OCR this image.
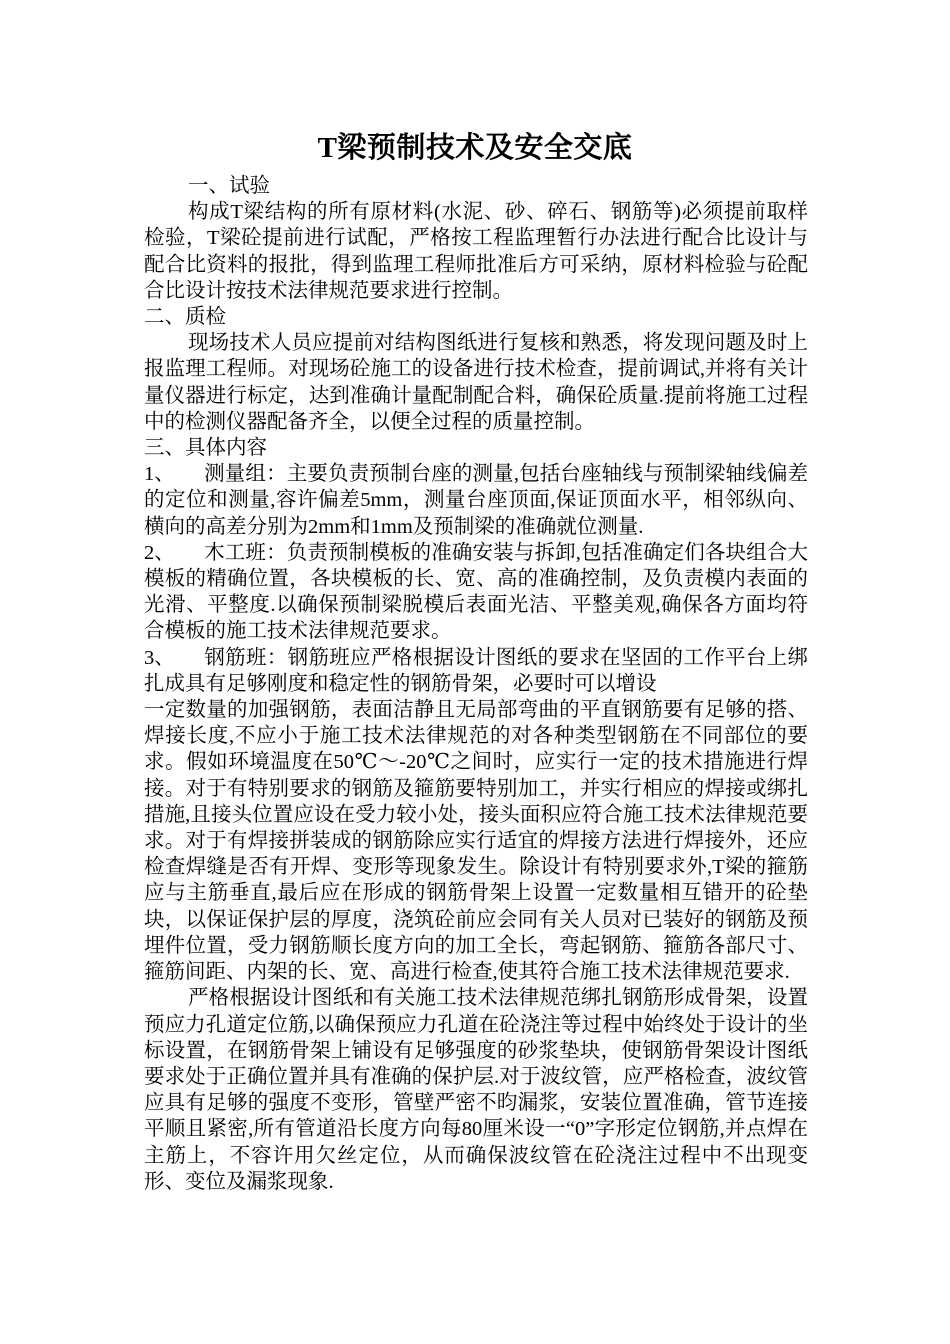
T梁预制技术及安全交底

一、试验

构成T梁结构的所有原材料(水泥、砂、碎石、钢筋等)必须提前取样检验，T梁砼提前进行试配，严格按工程监理暂行办法进行配合比设计与配合比资料的报批，得到监理工程师批准后方可采纳，原材料检验与砼配合比设计按技术法律规范要求进行控制。

二、质检

现场技术人员应提前对结构图纸进行复核和熟悉，将发现问题及时上报监理工程师。对现场砼施工的设备进行技术检查，提前调试,并将有关计量仪器进行标定，达到准确计量配制配合料，确保砼质量.提前将施工过程中的检测仪器配备齐全，以便全过程的质量控制。

三、具体内容

1、 测量组：主要负责预制台座的测量,包括台座轴线与预制梁轴线偏差的定位和测量,容许偏差5mm，测量台座顶面,保证顶面水平，相邻纵向、横向的高差分别为2mm和1mm及预制梁的准确就位测量.

2、 木工班：负责预制模板的准确安装与拆卸,包括准确定们各块组合大模板的精确位置，各块模板的长、宽、高的准确控制，及负责模内表面的光滑、平整度.以确保预制梁脱模后表面光洁、平整美观,确保各方面均符合模板的施工技术法律规范要求。

3、 钢筋班：钢筋班应严格根据设计图纸的要求在坚固的工作平台上绑扎成具有足够刚度和稳定性的钢筋骨架，必要时可以增设

一定数量的加强钢筋，表面洁静且无局部弯曲的平直钢筋要有足够的搭、焊接长度,不应小于施工技术法律规范的对各种类型钢筋在不同部位的要求。假如环境温度在50℃～-20℃之间时，应实行一定的技术措施进行焊接。对于有特别要求的钢筋及箍筋要特别加工，并实行相应的焊接或绑扎措施,且接头位置应设在受力较小处，接头面积应符合施工技术法律规范要求。对于有焊接拼装成的钢筋除应实行适宜的焊接方法进行焊接外，还应检查焊缝是否有开焊、变形等现象发生。除设计有特别要求外,T梁的箍筋应与主筋垂直,最后应在形成的钢筋骨架上设置一定数量相互错开的砼垫块，以保证保护层的厚度，浇筑砼前应会同有关人员对已装好的钢筋及预埋件位置，受力钢筋顺长度方向的加工全长，弯起钢筋、箍筋各部尺寸、箍筋间距、内架的长、宽、高进行检查,使其符合施工技术法律规范要求.

严格根据设计图纸和有关施工技术法律规范绑扎钢筋形成骨架，设置预应力孔道定位筋,以确保预应力孔道在砼浇注等过程中始终处于设计的坐标设置，在钢筋骨架上铺设有足够强度的砂浆垫块，使钢筋骨架设计图纸要求处于正确位置并具有准确的保护层.对于波纹管，应严格检查，波纹管应具有足够的强度不变形，管壁严密不昀漏浆，安装位置准确，管节连接平顺且紧密,所有管道沿长度方向每80厘米设一“0”字形定位钢筋,并点焊在主筋上，不容许用欠丝定位，从而确保波纹管在砼浇注过程中不出现变形、变位及漏浆现象.
